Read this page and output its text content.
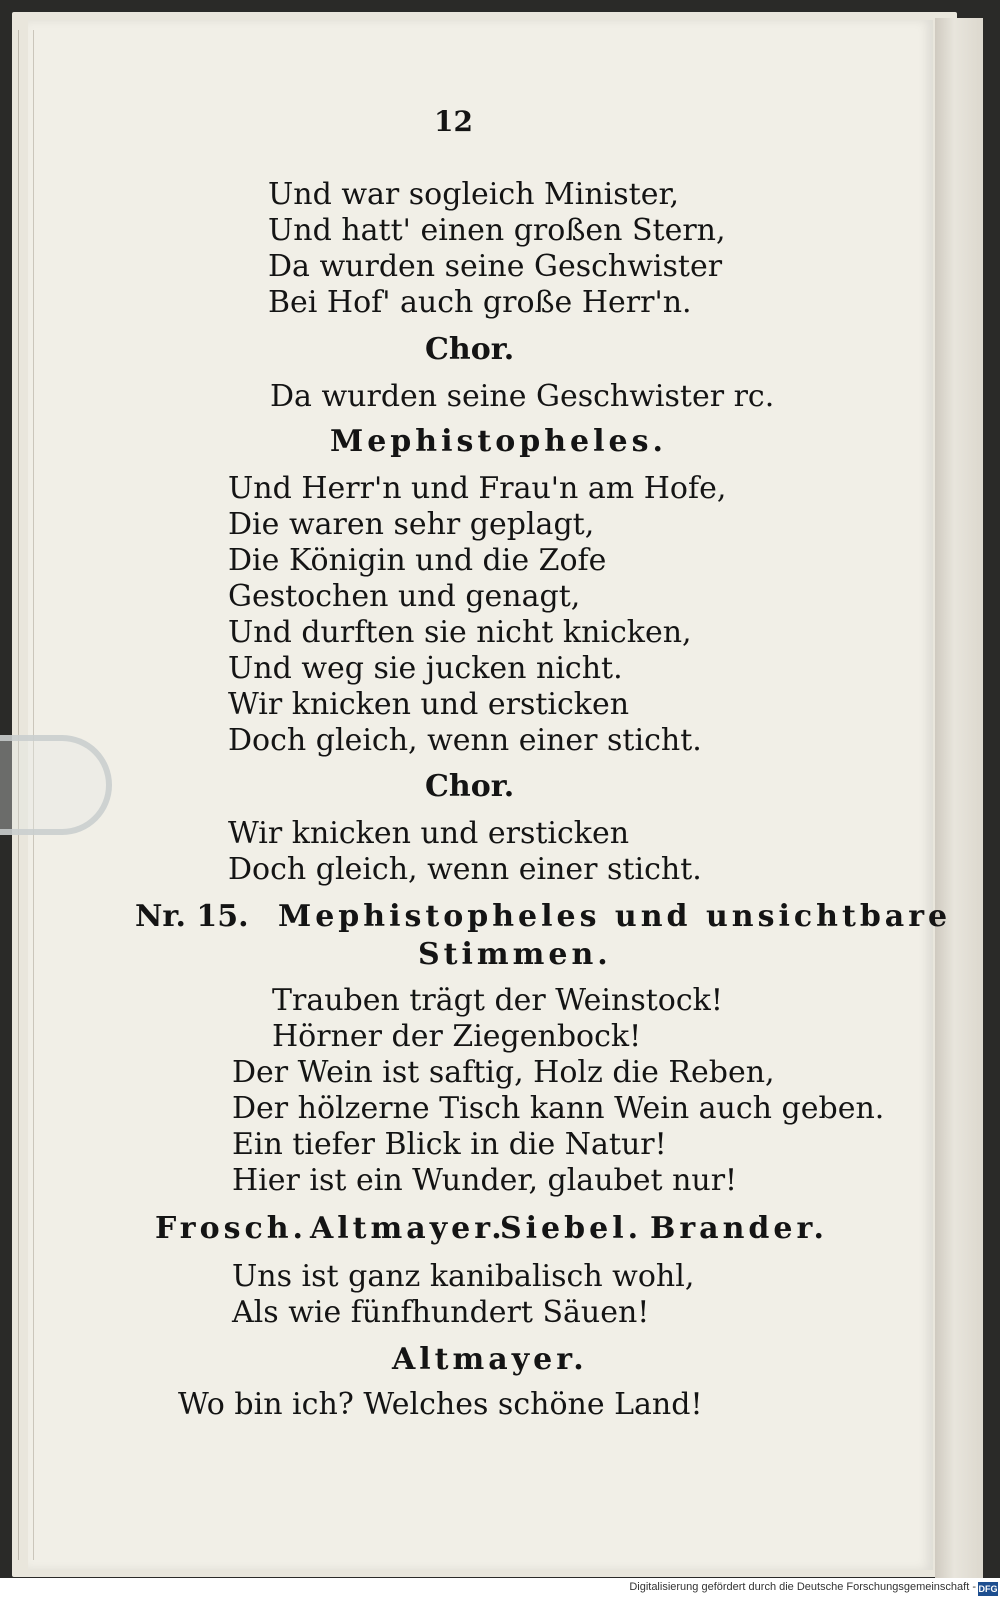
12
Und war sogleich Minister,
Und hatt' einen großen Stern,
Da wurden seine Geschwister
Bei Hof' auch große Herr'n.
Chor.
Da wurden seine Geschwister rc.
Mephistopheles.
Und Herr'n und Frau'n am Hofe,
Die waren sehr geplagt,
Die Königin und die Zofe
Gestochen und genagt,
Und durften sie nicht knicken,
Und weg sie jucken nicht.
Wir knicken und ersticken
Doch gleich, wenn einer sticht.
Chor.
Wir knicken und ersticken
Doch gleich, wenn einer sticht.
Nr. 15. Mephistopheles und unsichtbare
Stimmen.
Trauben trägt der Weinstock!
Hörner der Ziegenbock!
Der Wein ist saftig, Holz die Reben,
Der hölzerne Tisch kann Wein auch geben.
Ein tiefer Blick in die Natur!
Hier ist ein Wunder, glaubet nur!
Frosch. Altmayer.
Siebel. Brander.
Uns ist ganz kanibalisch wohl,
Als wie fünfhundert Säuen!
Altmayer.
Wo bin ich? Welches schöne Land!
Digitalisierung gefördert durch die Deutsche Forschungsgemeinschaft - DFG
